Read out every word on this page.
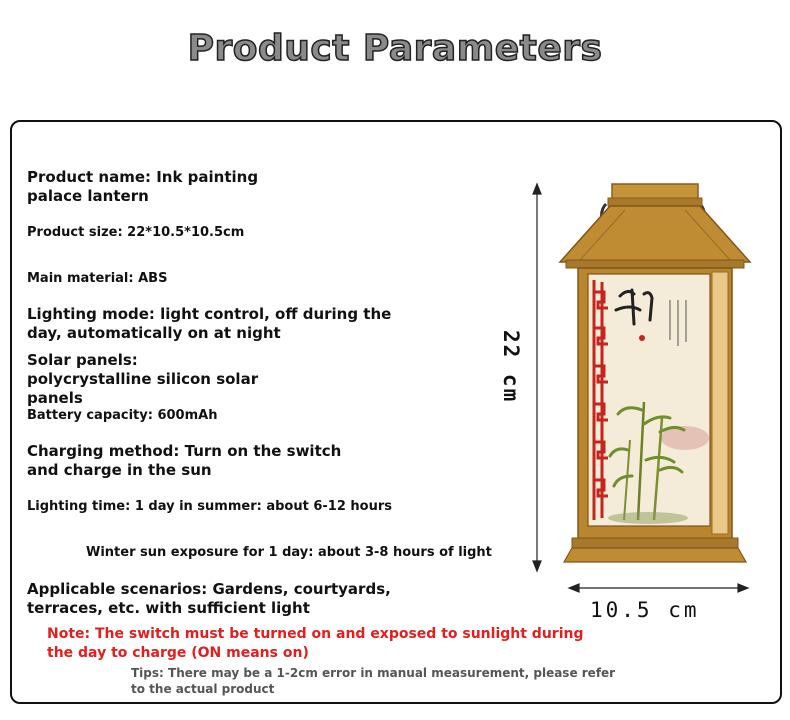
Product Parameters

Product name: Ink painting palace lantern

Product size: 22*10.5*10.5cm

Main material: ABS

Lighting mode: light control, off during the day, automatically on at night

Solar panels: polycrystalline silicon solar panels

Battery capacity: 600mAh

Charging method: Turn on the switch and charge in the sun

Lighting time: 1 day in summer: about 6-12 hours

Winter sun exposure for 1 day: about 3-8 hours of light

Applicable scenarios: Gardens, courtyards, terraces, etc. with sufficient light

Note: The switch must be turned on and exposed to sunlight during the day to charge (ON means on)

Tips: There may be a 1-2cm error in manual measurement, please refer to the actual product

22 cm
10.5 cm
